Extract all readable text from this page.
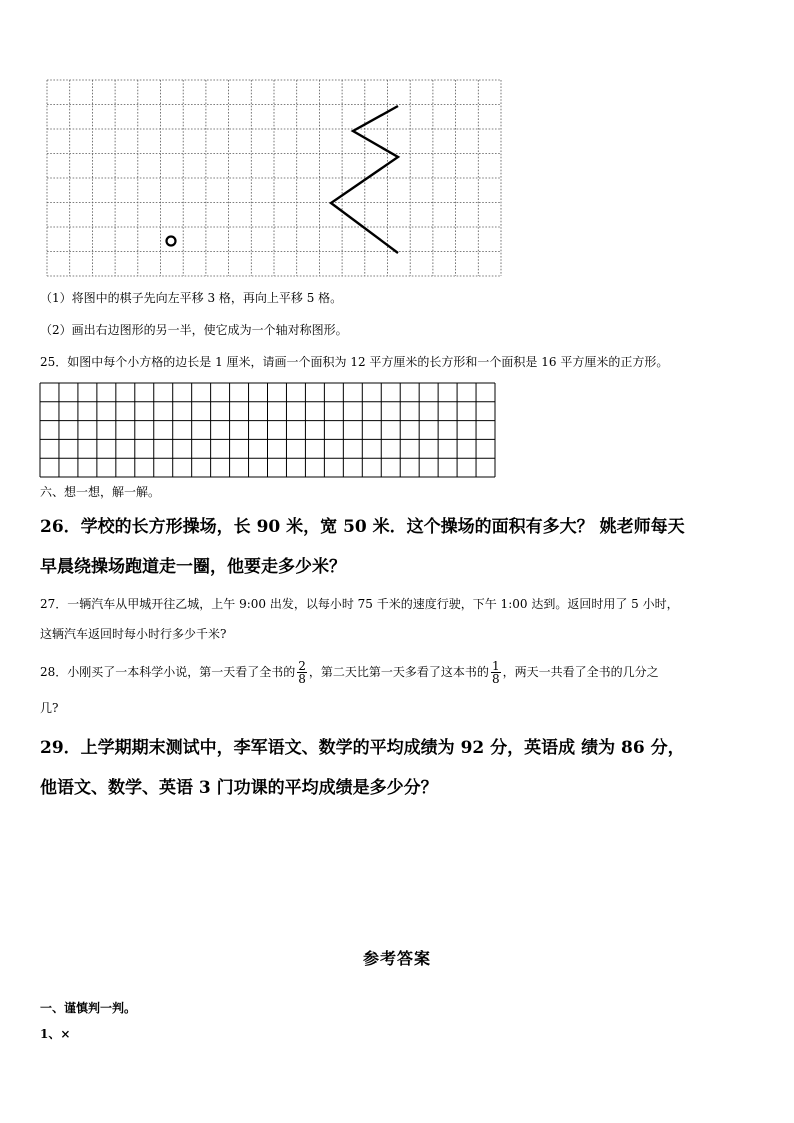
（1）将图中的棋子先向左平移 3 格，再向上平移 5 格。
（2）画出右边图形的另一半，使它成为一个轴对称图形。
25．如图中每个小方格的边长是 1 厘米，请画一个面积为 12 平方厘米的长方形和一个面积是 16 平方厘米的正方形。
六、想一想，解一解。
26．学校的长方形操场，长 90 米，宽 50 米．这个操场的面积有多大？ 姚老师每天
早晨绕操场跑道走一圈，他要走多少米？
27．一辆汽车从甲城开往乙城，上午 9:00 出发，以每小时 75 千米的速度行驶，下午 1:00 达到。返回时用了 5 小时，
这辆汽车返回时每小时行多少千米?
28．小刚买了一本科学小说，第一天看了全书的 $\frac{2}{8}$ ，第二天比第一天多看了这本书的 $\frac{1}{8}$ ，两天一共看了全书的几分之
几?
29．上学期期末测试中，李军语文、数学的平均成绩为 92 分，英语成 绩为 86 分，
他语文、数学、英语 3 门功课的平均成绩是多少分？
参考答案
一、谨慎判一判。
1、×
